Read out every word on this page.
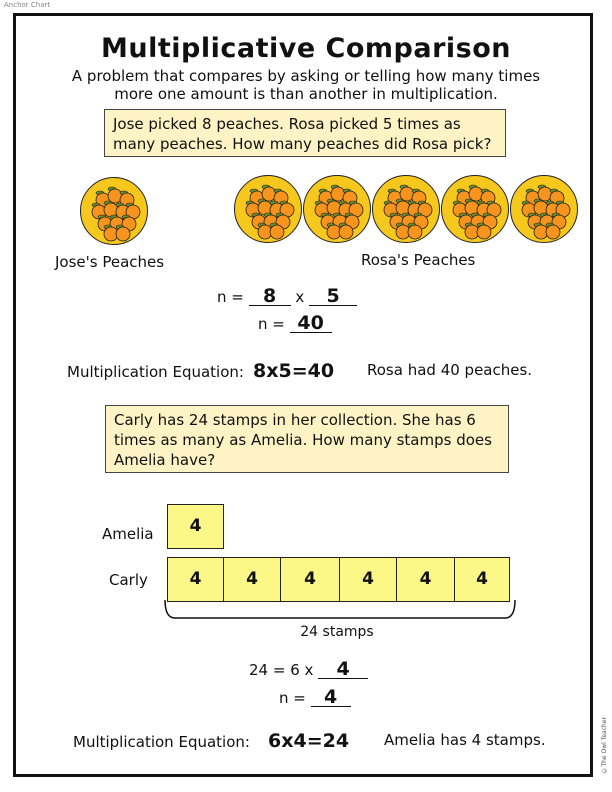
Anchor Chart
©The Owl Teacher
Multiplicative Comparison
A problem that compares by asking or telling how many times more one amount is than another in multiplication.
Jose picked 8 peaches. Rosa picked 5 times as many peaches. How many peaches did Rosa pick?
Jose's Peaches	Rosa's Peaches
n = 8 x 5
n = 40
Multiplication Equation: 8x5=40 Rosa had 40 peaches.
Carly has 24 stamps in her collection. She has 6 times as many as Amelia. How many stamps does Amelia have?
Amelia	4
Carly	4	4	4	4	4	4
24 stamps
24 = 6 x 4
n = 4
Multiplication Equation: 6x4=24 Amelia has 4 stamps.
